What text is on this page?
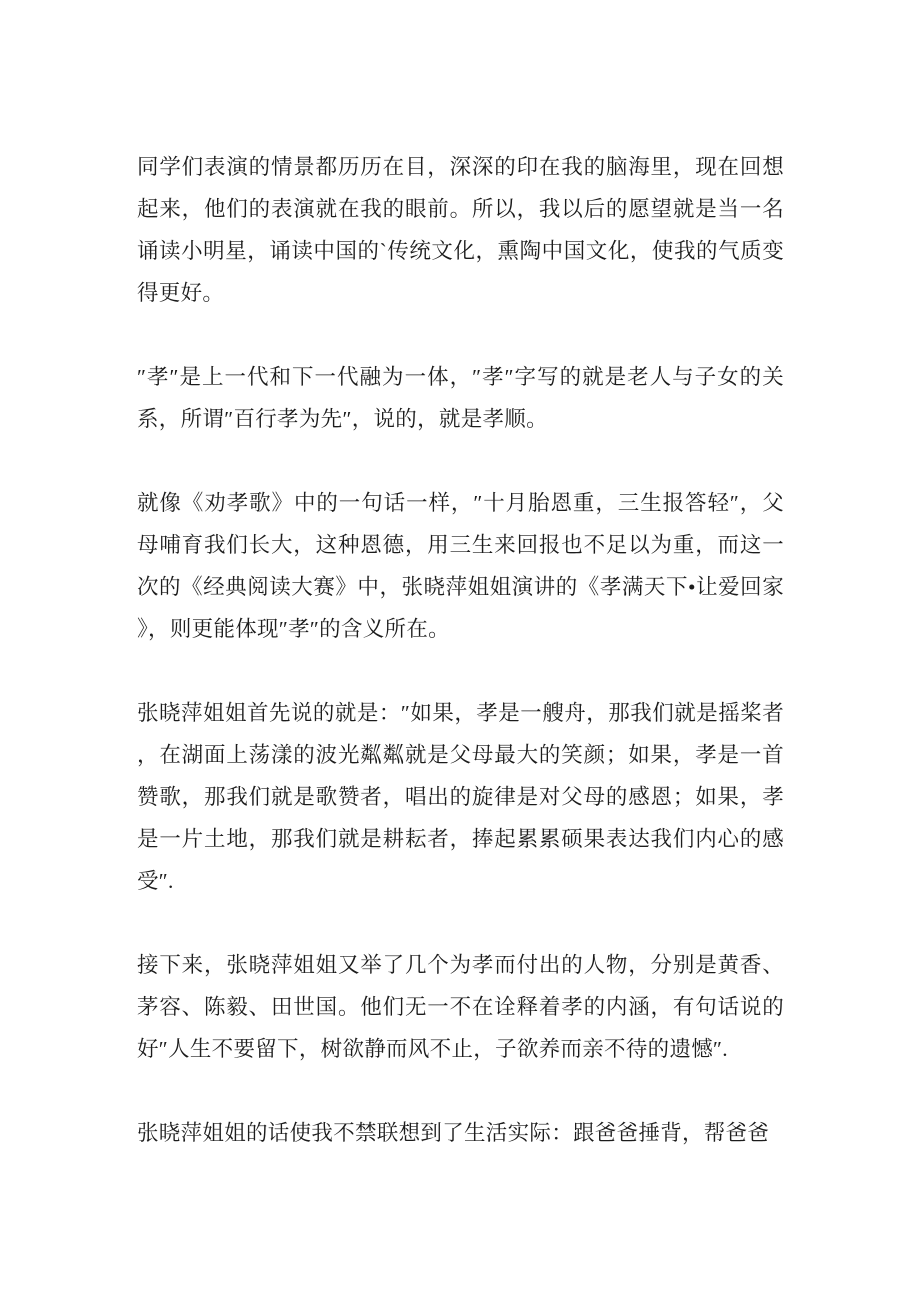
同学们表演的情景都历历在目，深深的印在我的脑海里，现在回想起来，他们的表演就在我的眼前。所以，我以后的愿望就是当一名诵读小明星，诵读中国的`传统文化，熏陶中国文化，使我的气质变得更好。

″孝″是上一代和下一代融为一体，″孝″字写的就是老人与子女的关系，所谓″百行孝为先″，说的，就是孝顺。

就像《劝孝歌》中的一句话一样，″十月胎恩重，三生报答轻″，父母哺育我们长大，这种恩德，用三生来回报也不足以为重，而这一次的《经典阅读大赛》中，张晓萍姐姐演讲的《孝满天下•让爱回家》，则更能体现″孝″的含义所在。

张晓萍姐姐首先说的就是：″如果，孝是一艘舟，那我们就是摇桨者，在湖面上荡漾的波光粼粼就是父母最大的笑颜；如果，孝是一首赞歌，那我们就是歌赞者，唱出的旋律是对父母的感恩；如果，孝是一片土地，那我们就是耕耘者，捧起累累硕果表达我们内心的感受″.

接下来，张晓萍姐姐又举了几个为孝而付出的人物，分别是黄香、茅容、陈毅、田世国。他们无一不在诠释着孝的内涵，有句话说的好″人生不要留下，树欲静而风不止，子欲养而亲不待的遗憾″.

张晓萍姐姐的话使我不禁联想到了生活实际：跟爸爸捶背，帮爸爸
